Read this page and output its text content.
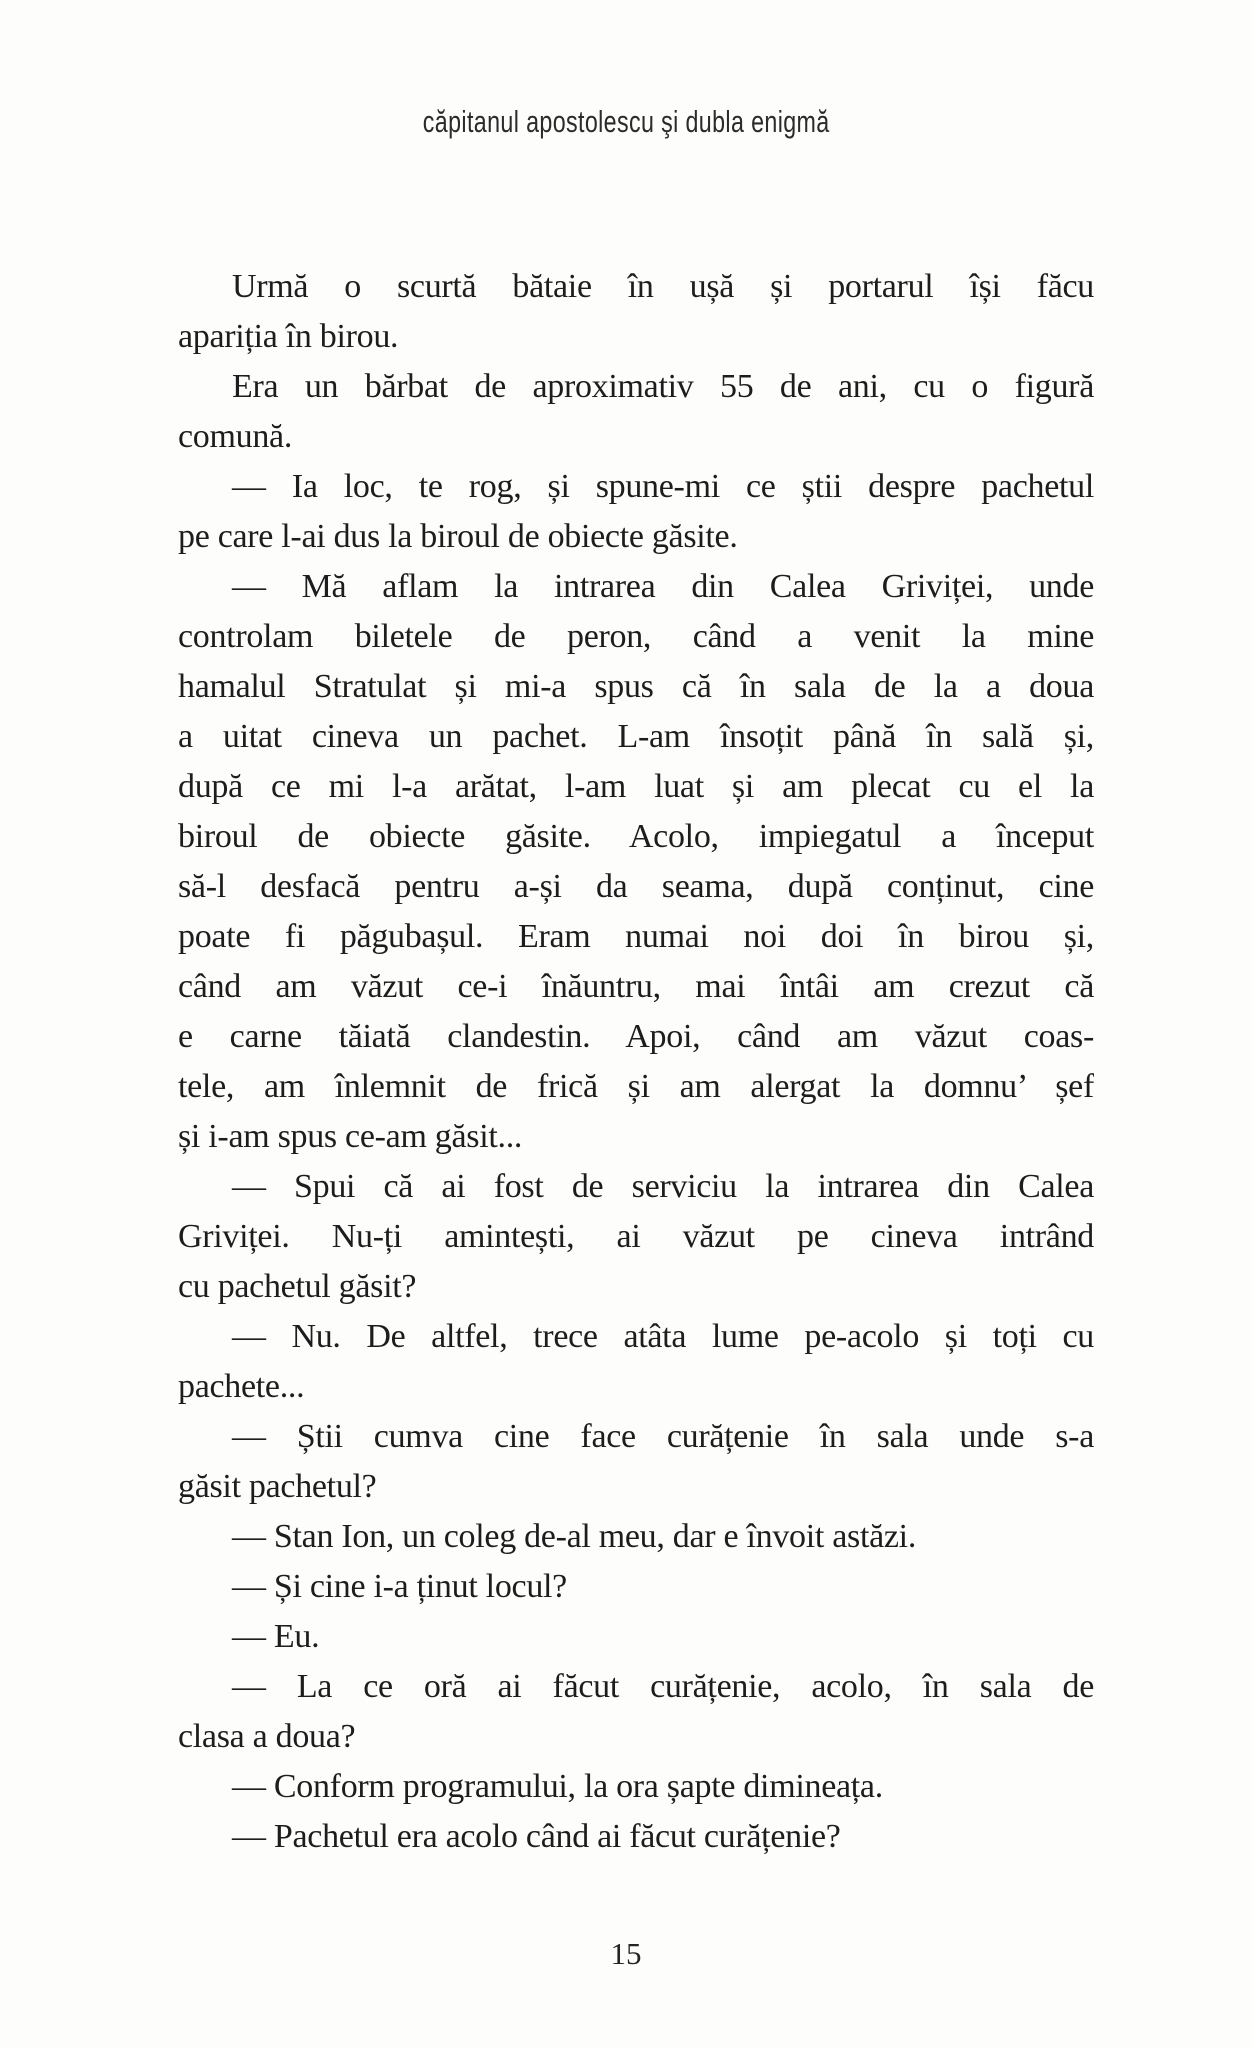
căpitanul apostolescu şi dubla enigmă

Urmă o scurtă bătaie în ușă și portarul își făcu
apariția în birou.

Era un bărbat de aproximativ 55 de ani, cu o figură
comună.

— Ia loc, te rog, și spune-mi ce știi despre pachetul
pe care l-ai dus la biroul de obiecte găsite.

— Mă aflam la intrarea din Calea Griviței, unde
controlam biletele de peron, când a venit la mine
hamalul Stratulat și mi-a spus că în sala de la a doua
a uitat cineva un pachet. L-am însoțit până în sală și,
după ce mi l-a arătat, l-am luat și am plecat cu el la
biroul de obiecte găsite. Acolo, impiegatul a început
să-l desfacă pentru a-și da seama, după conținut, cine
poate fi păgubașul. Eram numai noi doi în birou și,
când am văzut ce-i înăuntru, mai întâi am crezut că
e carne tăiată clandestin. Apoi, când am văzut coas-
tele, am înlemnit de frică și am alergat la domnu’ șef
și i-am spus ce-am găsit...

— Spui că ai fost de serviciu la intrarea din Calea
Griviței. Nu-ți amintești, ai văzut pe cineva intrând
cu pachetul găsit?

— Nu. De altfel, trece atâta lume pe-acolo și toți cu
pachete...

— Știi cumva cine face curățenie în sala unde s-a
găsit pachetul?

— Stan Ion, un coleg de-al meu, dar e învoit astăzi.

— Și cine i-a ținut locul?

— Eu.

— La ce oră ai făcut curățenie, acolo, în sala de
clasa a doua?

— Conform programului, la ora șapte dimineața.

— Pachetul era acolo când ai făcut curățenie?

15
